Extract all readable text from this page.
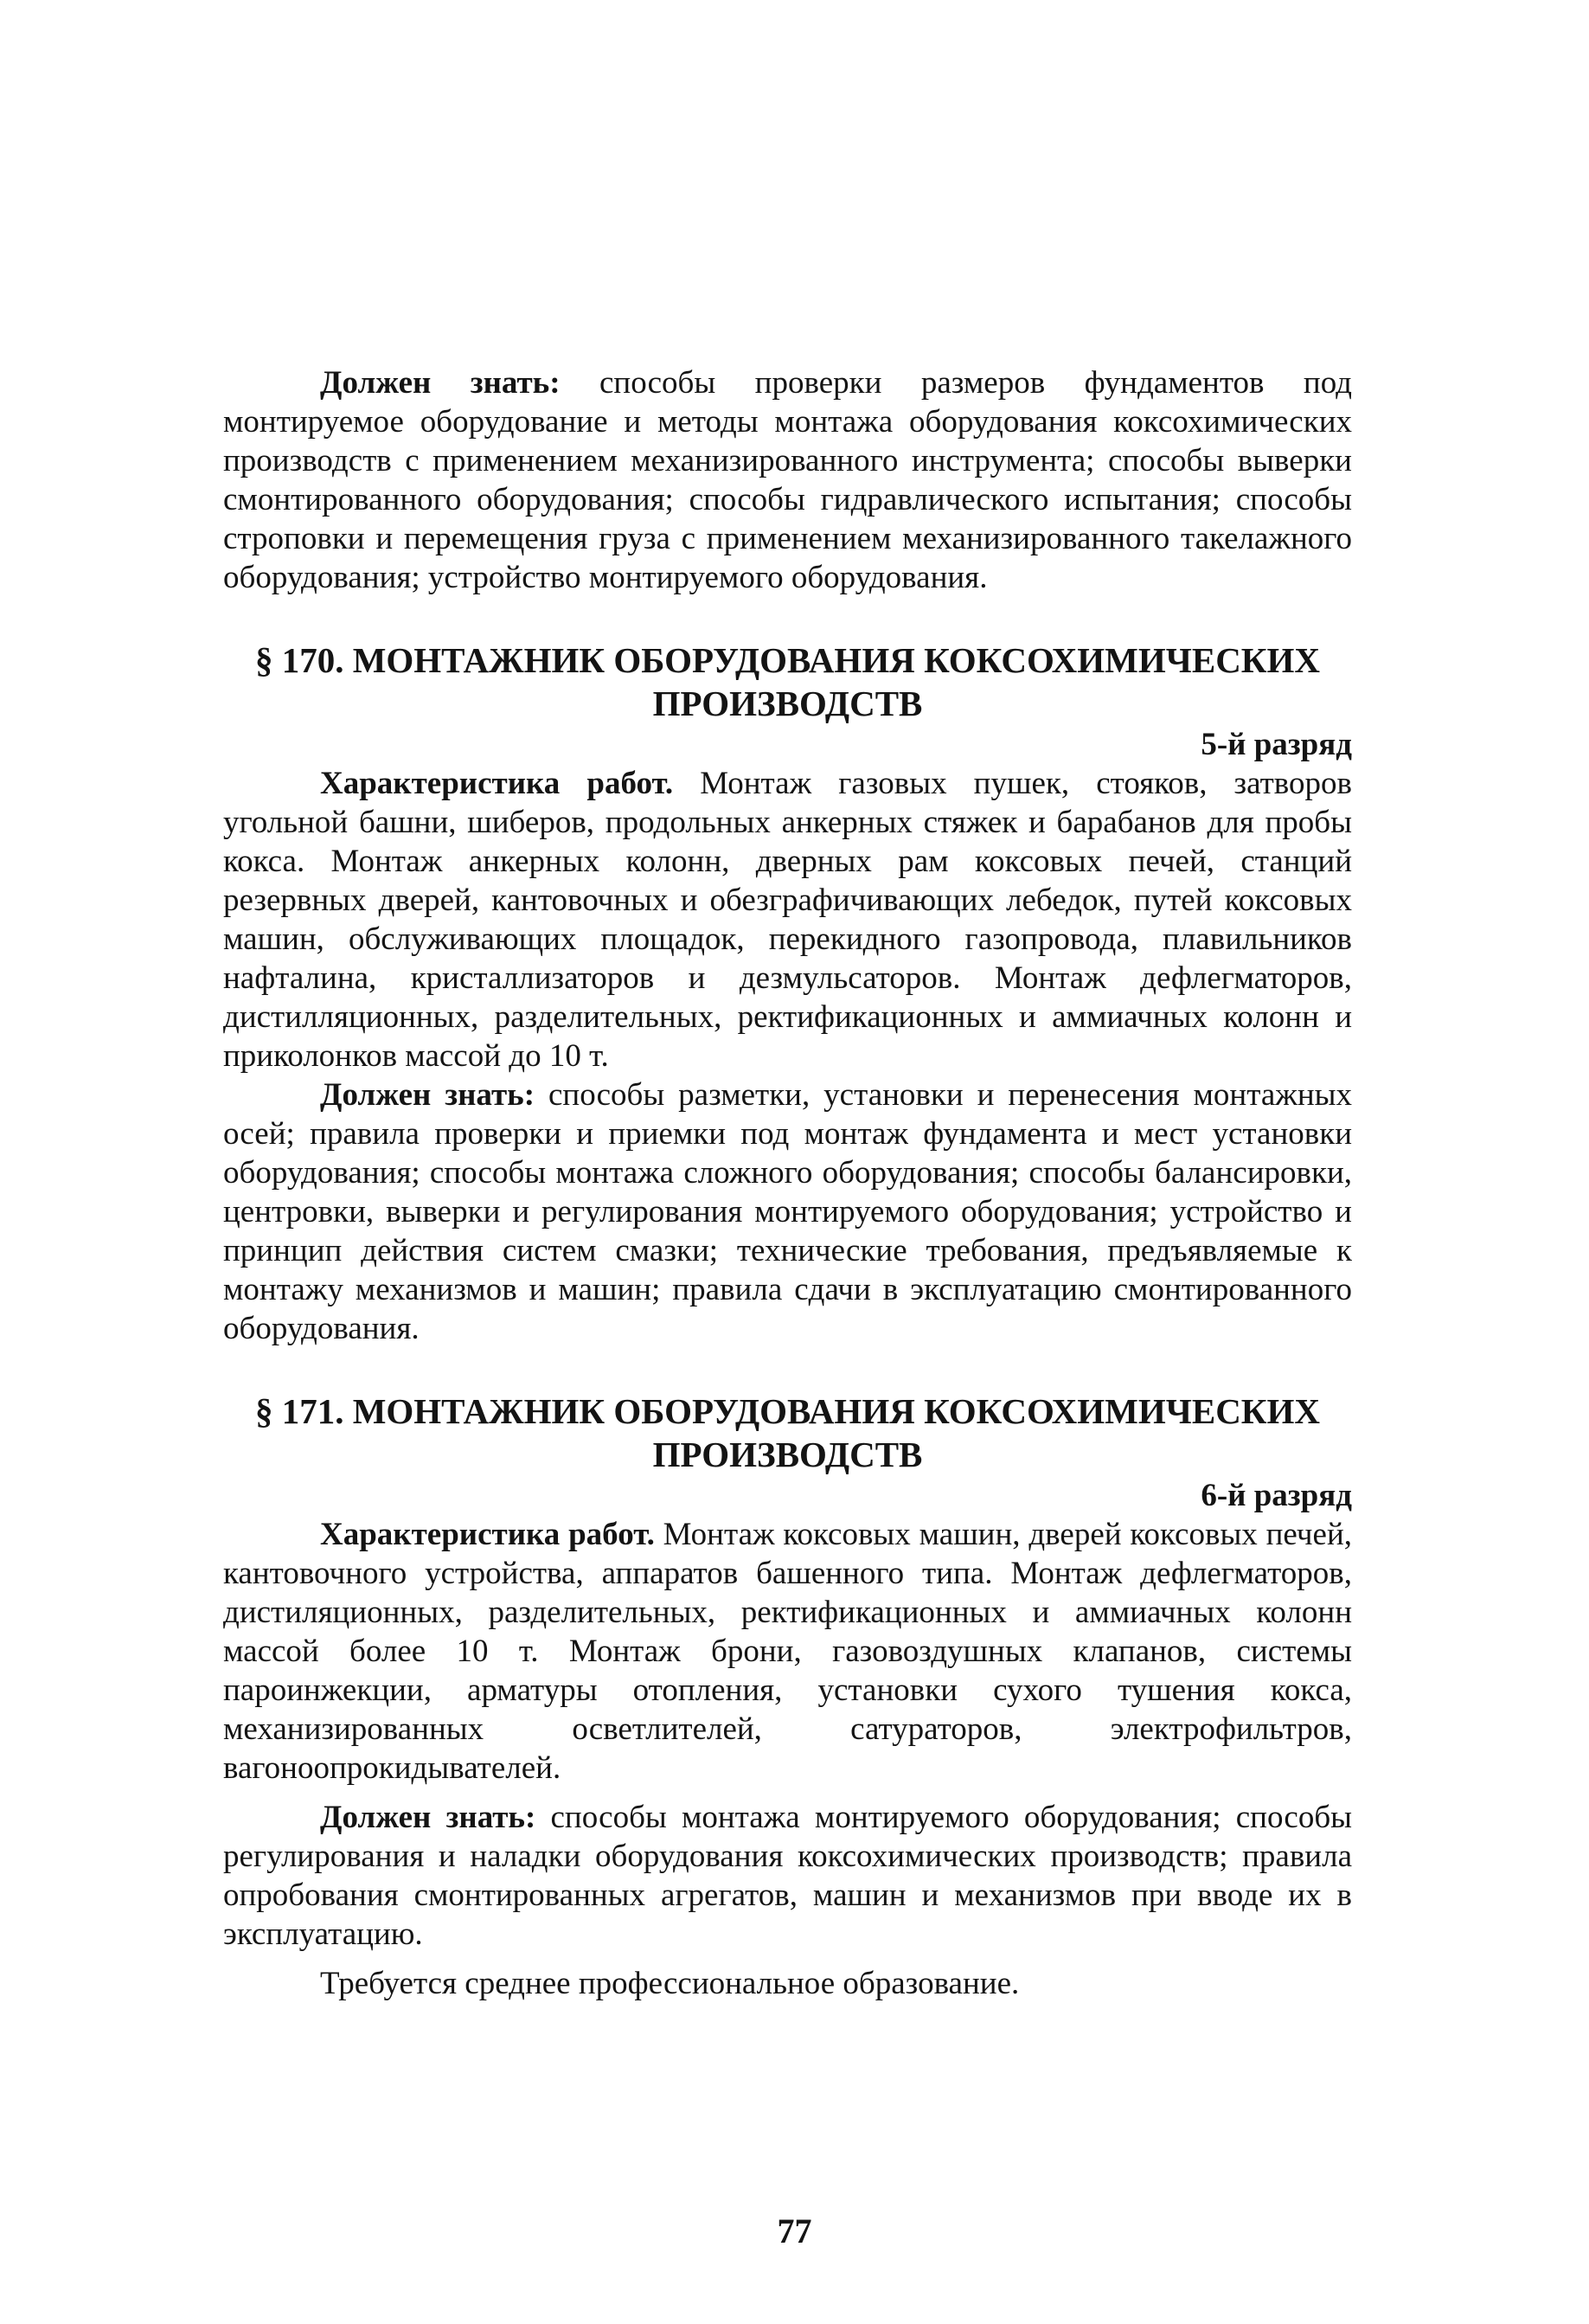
Должен знать: способы проверки размеров фундаментов под монтируемое оборудование и методы монтажа оборудования коксохимических производств с применением механизированного инструмента; способы выверки смонтированного оборудования; способы гидравлического испытания; способы строповки и перемещения груза с применением механизированного такелажного оборудования; устройство монтируемого оборудования.

§ 170. МОНТАЖНИК ОБОРУДОВАНИЯ КОКСОХИМИЧЕСКИХ
ПРОИЗВОДСТВ
5-й разряд

Характеристика работ. Монтаж газовых пушек, стояков, затворов угольной башни, шиберов, продольных анкерных стяжек и барабанов для пробы кокса. Монтаж анкерных колонн, дверных рам коксовых печей, станций резервных дверей, кантовочных и обезграфичивающих лебедок, путей коксовых машин, обслуживающих площадок, перекидного газопровода, плавильников нафталина, кристаллизаторов и дезмульсаторов. Монтаж дефлегматоров, дистилляционных, разделительных, ректификационных и аммиачных колонн и приколонков массой до 10 т.

Должен знать: способы разметки, установки и перенесения монтажных осей; правила проверки и приемки под монтаж фундамента и мест установки оборудования; способы монтажа сложного оборудования; способы балансировки, центровки, выверки и регулирования монтируемого оборудования; устройство и принцип действия систем смазки; технические требования, предъявляемые к монтажу механизмов и машин; правила сдачи в эксплуатацию смонтированного оборудования.

§ 171. МОНТАЖНИК ОБОРУДОВАНИЯ КОКСОХИМИЧЕСКИХ
ПРОИЗВОДСТВ
6-й разряд

Характеристика работ. Монтаж коксовых машин, дверей коксовых печей, кантовочного устройства, аппаратов башенного типа. Монтаж дефлегматоров, дистиляционных, разделительных, ректификационных и аммиачных колонн массой более 10 т. Монтаж брони, газовоздушных клапанов, системы пароинжекции, арматуры отопления, установки сухого тушения кокса, механизированных осветлителей, сатураторов, электрофильтров, вагоноопрокидывателей.

Должен знать: способы монтажа монтируемого оборудования; способы регулирования и наладки оборудования коксохимических производств; правила опробования смонтированных агрегатов, машин и механизмов при вводе их в эксплуатацию.

Требуется среднее профессиональное образование.

77
